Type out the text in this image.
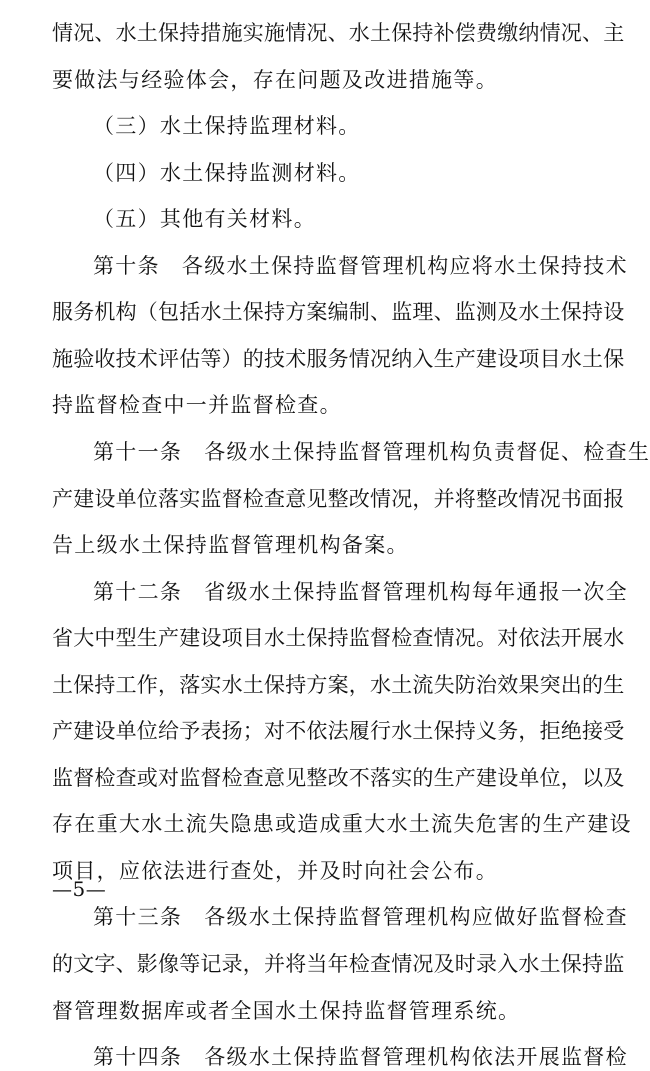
—5—
情况、水土保持措施实施情况、水土保持补偿费缴纳情况、主
要做法与经验体会，存在问题及改进措施等。
（三）水土保持监理材料。
（四）水土保持监测材料。
（五）其他有关材料。
第十条 各级水土保持监督管理机构应将水土保持技术
服务机构（包括水土保持方案编制、监理、监测及水土保持设
施验收技术评估等）的技术服务情况纳入生产建设项目水土保
持监督检查中一并监督检查。
第十一条 各级水土保持监督管理机构负责督促、检查生
产建设单位落实监督检查意见整改情况，并将整改情况书面报
告上级水土保持监督管理机构备案。
第十二条 省级水土保持监督管理机构每年通报一次全
省大中型生产建设项目水土保持监督检查情况。对依法开展水
土保持工作，落实水土保持方案，水土流失防治效果突出的生
产建设单位给予表扬；对不依法履行水土保持义务，拒绝接受
监督检查或对监督检查意见整改不落实的生产建设单位，以及
存在重大水土流失隐患或造成重大水土流失危害的生产建设
项目，应依法进行查处，并及时向社会公布。
第十三条 各级水土保持监督管理机构应做好监督检查
的文字、影像等记录，并将当年检查情况及时录入水土保持监
督管理数据库或者全国水土保持监督管理系统。
第十四条 各级水土保持监督管理机构依法开展监督检
